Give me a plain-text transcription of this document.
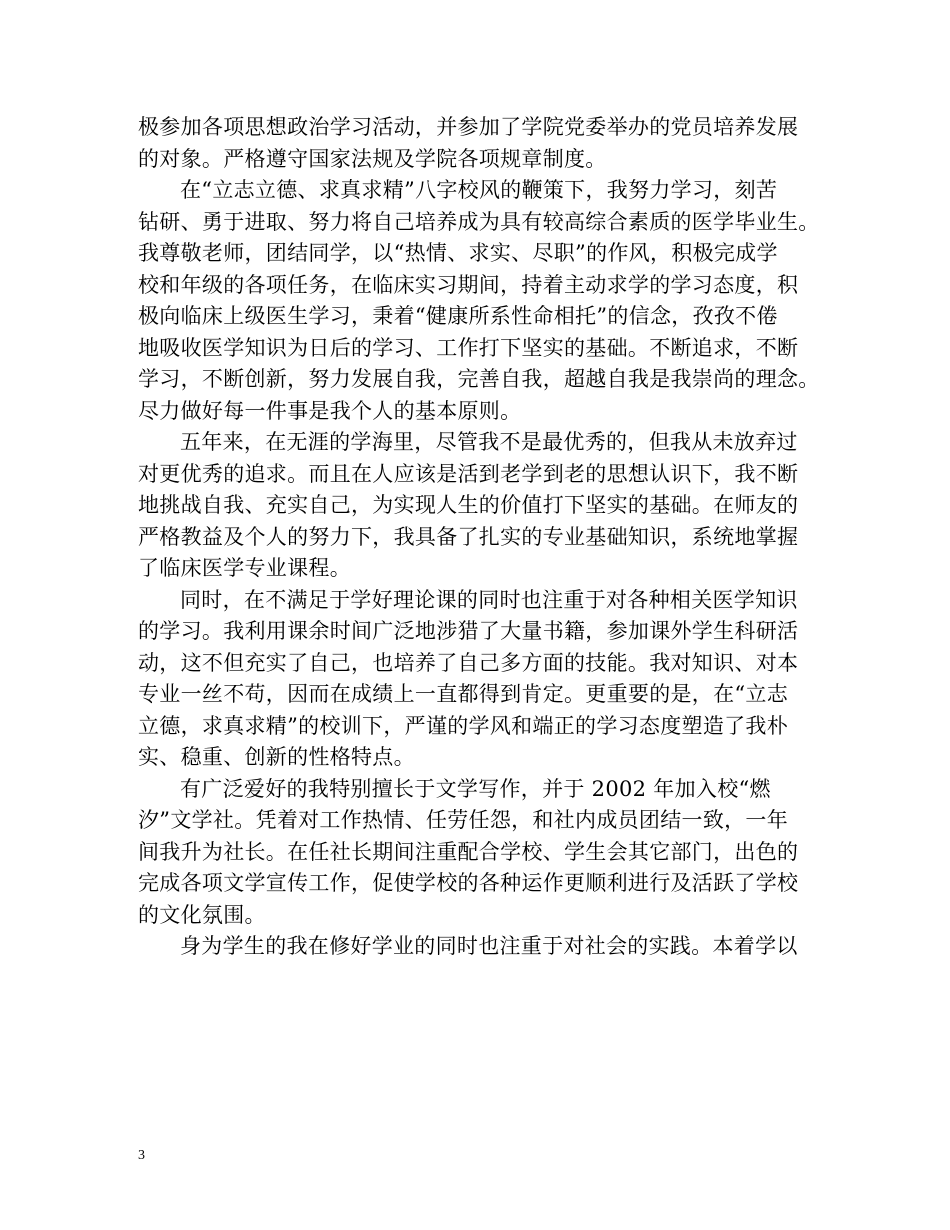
极参加各项思想政治学习活动，并参加了学院党委举办的党员培养发展
的对象。严格遵守国家法规及学院各项规章制度。
在“立志立德、求真求精”八字校风的鞭策下，我努力学习，刻苦
钻研、勇于进取、努力将自己培养成为具有较高综合素质的医学毕业生。
我尊敬老师，团结同学，以“热情、求实、尽职”的作风，积极完成学
校和年级的各项任务，在临床实习期间，持着主动求学的学习态度，积
极向临床上级医生学习，秉着“健康所系性命相托”的信念，孜孜不倦
地吸收医学知识为日后的学习、工作打下坚实的基础。不断追求，不断
学习，不断创新，努力发展自我，完善自我，超越自我是我崇尚的理念。
尽力做好每一件事是我个人的基本原则。
五年来，在无涯的学海里，尽管我不是最优秀的，但我从未放弃过
对更优秀的追求。而且在人应该是活到老学到老的思想认识下，我不断
地挑战自我、充实自己，为实现人生的价值打下坚实的基础。在师友的
严格教益及个人的努力下，我具备了扎实的专业基础知识，系统地掌握
了临床医学专业课程。
同时，在不满足于学好理论课的同时也注重于对各种相关医学知识
的学习。我利用课余时间广泛地涉猎了大量书籍，参加课外学生科研活
动，这不但充实了自己，也培养了自己多方面的技能。我对知识、对本
专业一丝不苟，因而在成绩上一直都得到肯定。更重要的是，在“立志
立德，求真求精”的校训下，严谨的学风和端正的学习态度塑造了我朴
实、稳重、创新的性格特点。
有广泛爱好的我特别擅长于文学写作，并于 2002 年加入校“燃
汐”文学社。凭着对工作热情、任劳任怨，和社内成员团结一致，一年
间我升为社长。在任社长期间注重配合学校、学生会其它部门，出色的
完成各项文学宣传工作，促使学校的各种运作更顺利进行及活跃了学校
的文化氛围。
身为学生的我在修好学业的同时也注重于对社会的实践。本着学以
3
